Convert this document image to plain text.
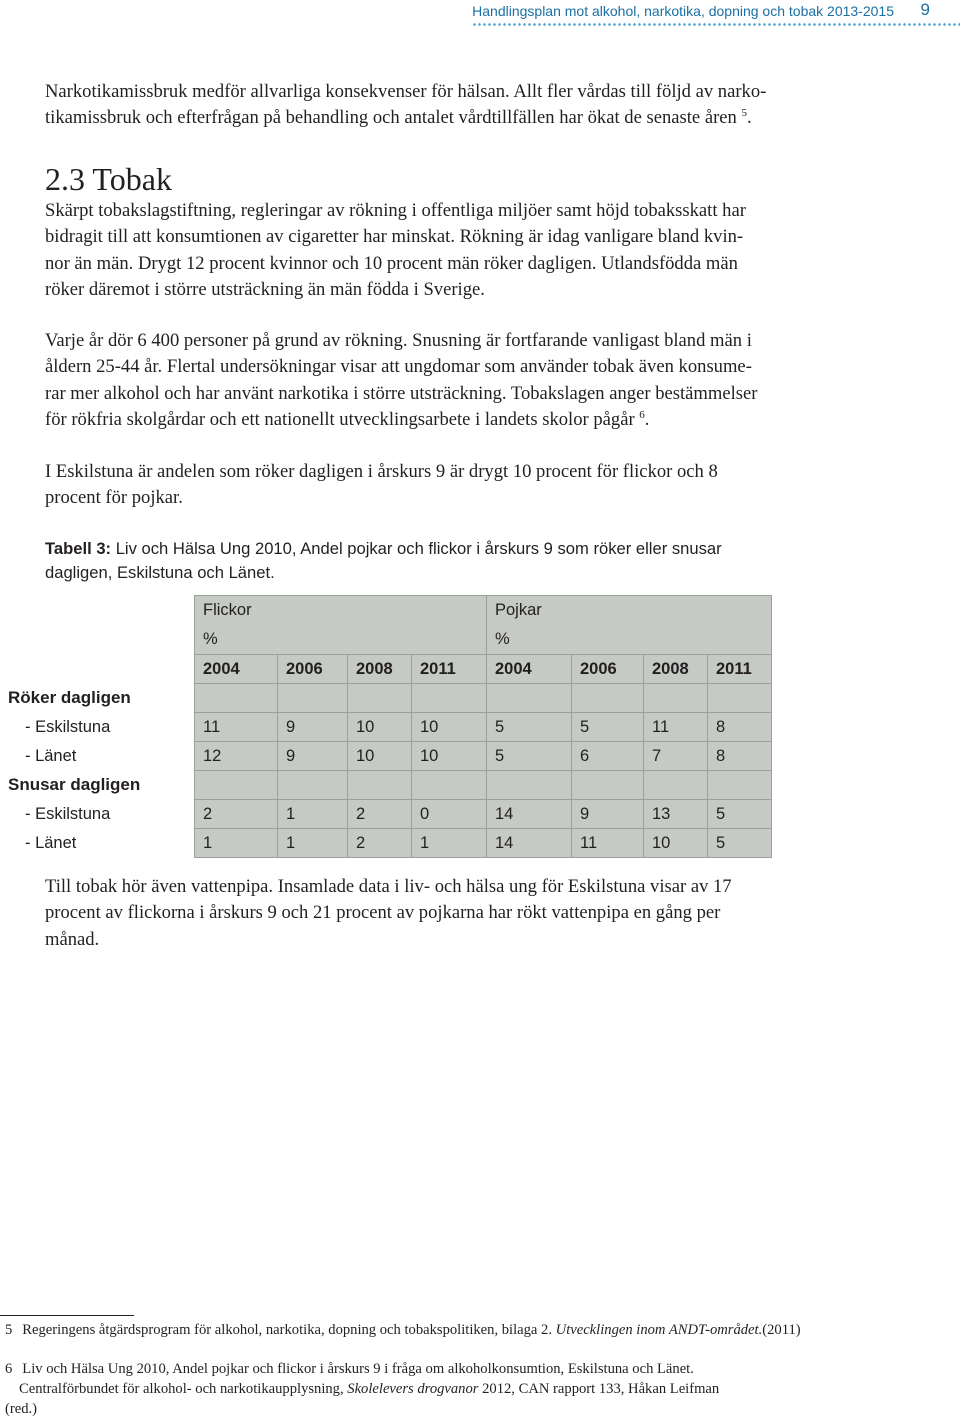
Handlingsplan mot alkohol, narkotika, dopning och tobak 2013-2015 9

Narkotikamissbruk medför allvarliga konsekvenser för hälsan. Allt fler vårdas till följd av narko-
tikamissbruk och efterfrågan på behandling och antalet vårdtillfällen har ökat de senaste åren $^5$.

2.3 Tobak

Skärpt tobakslagstiftning, regleringar av rökning i offentliga miljöer samt höjd tobaksskatt har
bidragit till att konsumtionen av cigaretter har minskat. Rökning är idag vanligare bland kvin-
nor än män. Drygt 12 procent kvinnor och 10 procent män röker dagligen. Utlandsfödda män
röker däremot i större utsträckning än män födda i Sverige.

Varje år dör 6 400 personer på grund av rökning. Snusning är fortfarande vanligast bland män i
åldern 25-44 år. Flertal undersökningar visar att ungdomar som använder tobak även konsume-
rar mer alkohol och har använt narkotika i större utsträckning. Tobakslagen anger bestämmelser
för rökfria skolgårdar och ett nationellt utvecklingsarbete i landets skolor pågår $^6$.

I Eskilstuna är andelen som röker dagligen i årskurs 9 är drygt 10 procent för flickor och 8
procent för pojkar.

Tabell 3: Liv och Hälsa Ung 2010, Andel pojkar och flickor i årskurs 9 som röker eller snusar
dagligen, Eskilstuna och Länet.

	Flickor
%				Pojkar
%			
	2004	2006	2008	2011	2004	2006	2008	2011
Röker dagligen								
- Eskilstuna	11	9	10	10	5	5	11	8
- Länet	12	9	10	10	5	6	7	8
Snusar dagligen								
- Eskilstuna	2	1	2	0	14	9	13	5
- Länet	1	1	2	1	14	11	10	5

Till tobak hör även vattenpipa. Insamlade data i liv- och hälsa ung för Eskilstuna visar av 17
procent av flickorna i årskurs 9 och 21 procent av pojkarna har rökt vattenpipa en gång per
månad.

5 Regeringens åtgärdsprogram för alkohol, narkotika, dopning och tobakspolitiken, bilaga 2. Utvecklingen inom ANDT-området.(2011)

6 Liv och Hälsa Ung 2010, Andel pojkar och flickor i årskurs 9 i fråga om alkoholkonsumtion, Eskilstuna och Länet.
Centralförbundet för alkohol- och narkotikaupplysning, Skolelevers drogvanor 2012, CAN rapport 133, Håkan Leifman
(red.)
